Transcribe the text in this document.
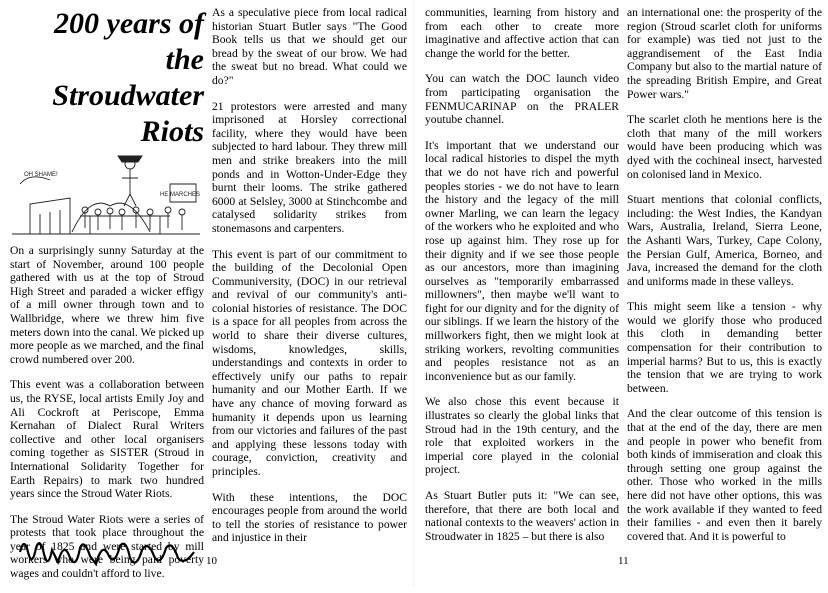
200 years of the
Stroudwater
Riots
OH SHAME!
HE MARCHES

On a surprisingly sunny Saturday at the start of November, around 100 people gathered with us at the top of Stroud High Street and paraded a wicker effigy of a mill owner through town and to Wallbridge, where we threw him five meters down into the canal. We picked up more people as we marched, and the final crowd numbered over 200.

This event was a collaboration between us, the RYSE, local artists Emily Joy and Ali Cockroft at Periscope, Emma Kernahan of Dialect Rural Writers collective and other local organisers coming together as SISTER (Stroud in International Solidarity Together for Earth Repairs) to mark two hundred years since the Stroud Water Riots.

The Stroud Water Riots were a series of protests that took place throughout the year of 1825 and were started by mill workers who were being paid poverty wages and couldn't afford to live.

As a speculative piece from local radical historian Stuart Butler says "The Good Book tells us that we should get our bread by the sweat of our brow. We had the sweat but no bread. What could we do?"

21 protestors were arrested and many imprisoned at Horsley correctional facility, where they would have been subjected to hard labour. They threw mill men and strike breakers into the mill ponds and in Wotton-Under-Edge they burnt their looms. The strike gathered 6000 at Selsley, 3000 at Stinchcombe and catalysed solidarity strikes from stonemasons and carpenters.

This event is part of our commitment to the building of the Decolonial Open Communiversity, (DOC) in our retrieval and revival of our community's anti-colonial histories of resistance. The DOC is a space for all peoples from across the world to share their diverse cultures, wisdoms, knowledges, skills, understandings and contexts in order to effectively unify our paths to repair humanity and our Mother Earth. If we have any chance of moving forward as humanity it depends upon us learning from our victories and failures of the past and applying these lessons today with courage, conviction, creativity and principles.

With these intentions, the DOC encourages people from around the world to tell the stories of resistance to power and injustice in their

communities, learning from history and from each other to create more imaginative and affective action that can change the world for the better.

You can watch the DOC launch video from participating organisation the FENMUCARINAP on the PRALER youtube channel.

It's important that we understand our local radical histories to dispel the myth that we do not have rich and powerful peoples stories - we do not have to learn the history and the legacy of the mill owner Marling, we can learn the legacy of the workers who he exploited and who rose up against him. They rose up for their dignity and if we see those people as our ancestors, more than imagining ourselves as "temporarily embarrassed millowners", then maybe we'll want to fight for our dignity and for the dignity of our siblings. If we learn the history of the millworkers fight, then we might look at striking workers, revolting communities and peoples resistance not as an inconvenience but as our family.

We also chose this event because it illustrates so clearly the global links that Stroud had in the 19th century, and the role that exploited workers in the imperial core played in the colonial project.

As Stuart Butler puts it: "We can see, therefore, that there are both local and national contexts to the weavers' action in Stroudwater in 1825 – but there is also

an international one: the prosperity of the region (Stroud scarlet cloth for uniforms for example) was tied not just to the aggrandisement of the East India Company but also to the martial nature of the spreading British Empire, and Great Power wars."

The scarlet cloth he mentions here is the cloth that many of the mill workers would have been producing which was dyed with the cochineal insect, harvested on colonised land in Mexico.

Stuart mentions that colonial conflicts, including: the West Indies, the Kandyan Wars, Australia, Ireland, Sierra Leone, the Ashanti Wars, Turkey, Cape Colony, the Persian Gulf, America, Borneo, and Java, increased the demand for the cloth and uniforms made in these valleys.

This might seem like a tension - why would we glorify those who produced this cloth in demanding better compensation for their contribution to imperial harms? But to us, this is exactly the tension that we are trying to work between.

And the clear outcome of this tension is that at the end of the day, there are men and people in power who benefit from both kinds of immiseration and cloak this through setting one group against the other. Those who worked in the mills here did not have other options, this was the work available if they wanted to feed their families - and even then it barely covered that. And it is powerful to

10	11
